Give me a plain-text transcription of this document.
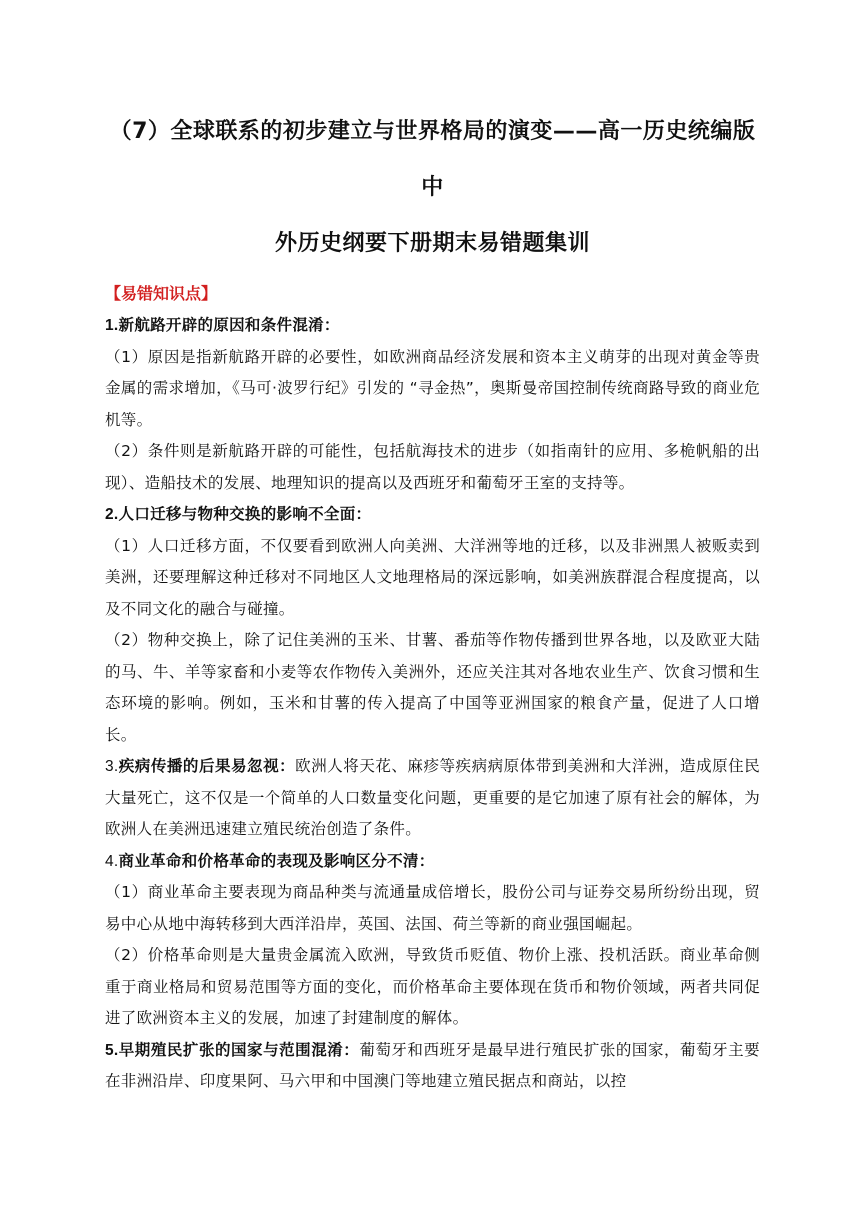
（7）全球联系的初步建立与世界格局的演变——高一历史统编版中
外历史纲要下册期末易错题集训
【易错知识点】

1.新航路开辟的原因和条件混淆：

（1）原因是指新航路开辟的必要性，如欧洲商品经济发展和资本主义萌芽的出现对黄金等贵金属的需求增加，《马可·波罗行纪》引发的 “寻金热”，奥斯曼帝国控制传统商路导致的商业危机等。

（2）条件则是新航路开辟的可能性，包括航海技术的进步（如指南针的应用、多桅帆船的出现）、造船技术的发展、地理知识的提高以及西班牙和葡萄牙王室的支持等。

2.人口迁移与物种交换的影响不全面：

（1）人口迁移方面，不仅要看到欧洲人向美洲、大洋洲等地的迁移，以及非洲黑人被贩卖到美洲，还要理解这种迁移对不同地区人文地理格局的深远影响，如美洲族群混合程度提高，以及不同文化的融合与碰撞。

（2）物种交换上，除了记住美洲的玉米、甘薯、番茄等作物传播到世界各地，以及欧亚大陆的马、牛、羊等家畜和小麦等农作物传入美洲外，还应关注其对各地农业生产、饮食习惯和生态环境的影响。例如，玉米和甘薯的传入提高了中国等亚洲国家的粮食产量，促进了人口增长。

3.疾病传播的后果易忽视：欧洲人将天花、麻疹等疾病病原体带到美洲和大洋洲，造成原住民大量死亡，这不仅是一个简单的人口数量变化问题，更重要的是它加速了原有社会的解体，为欧洲人在美洲迅速建立殖民统治创造了条件。

4.商业革命和价格革命的表现及影响区分不清：

（1）商业革命主要表现为商品种类与流通量成倍增长，股份公司与证券交易所纷纷出现，贸易中心从地中海转移到大西洋沿岸，英国、法国、荷兰等新的商业强国崛起。

（2）价格革命则是大量贵金属流入欧洲，导致货币贬值、物价上涨、投机活跃。商业革命侧重于商业格局和贸易范围等方面的变化，而价格革命主要体现在货币和物价领域，两者共同促进了欧洲资本主义的发展，加速了封建制度的解体。

5.早期殖民扩张的国家与范围混淆：葡萄牙和西班牙是最早进行殖民扩张的国家，葡萄牙主要在非洲沿岸、印度果阿、马六甲和中国澳门等地建立殖民据点和商站，以控
